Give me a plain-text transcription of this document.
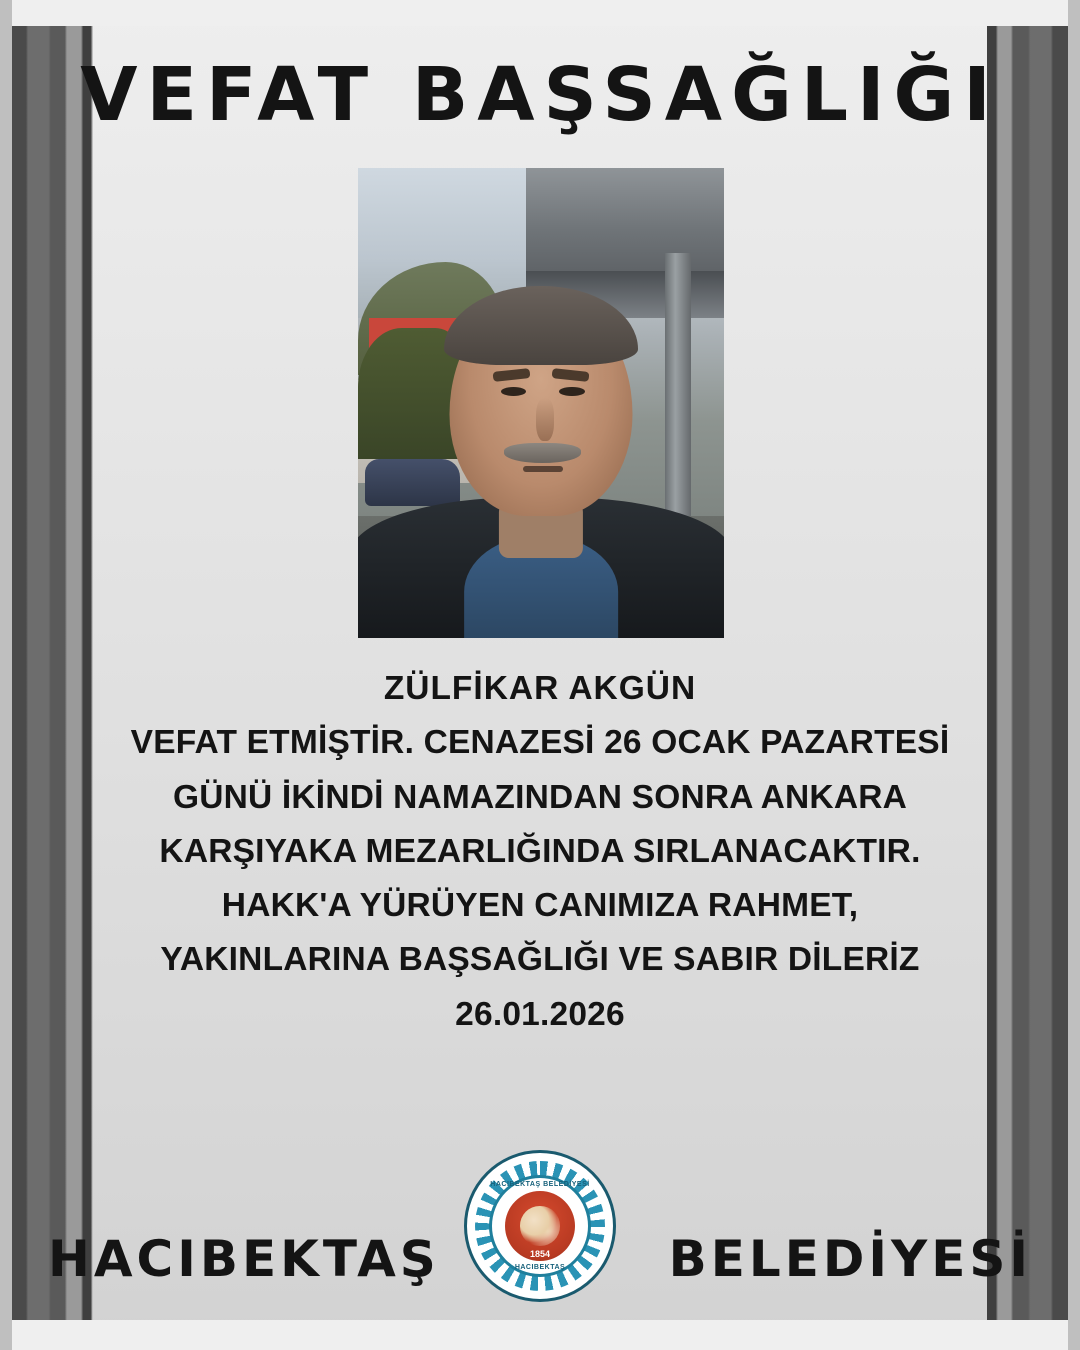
VEFAT BAŞSAĞLIĞI
ZÜLFİKAR AKGÜN
VEFAT ETMİŞTİR. CENAZESİ 26 OCAK PAZARTESİ
GÜNÜ İKİNDİ NAMAZINDAN SONRA ANKARA
KARŞIYAKA MEZARLIĞINDA SIRLANACAKTIR.
HAKK'A YÜRÜYEN CANIMIZA RAHMET,
YAKINLARINA BAŞSAĞLIĞI VE SABIR DİLERİZ
26.01.2026
HACIBEKTAŞ
HACIBEKTAŞ BELEDİYESİ
HACIBEKTAŞ
1854	BELEDİYESİ
